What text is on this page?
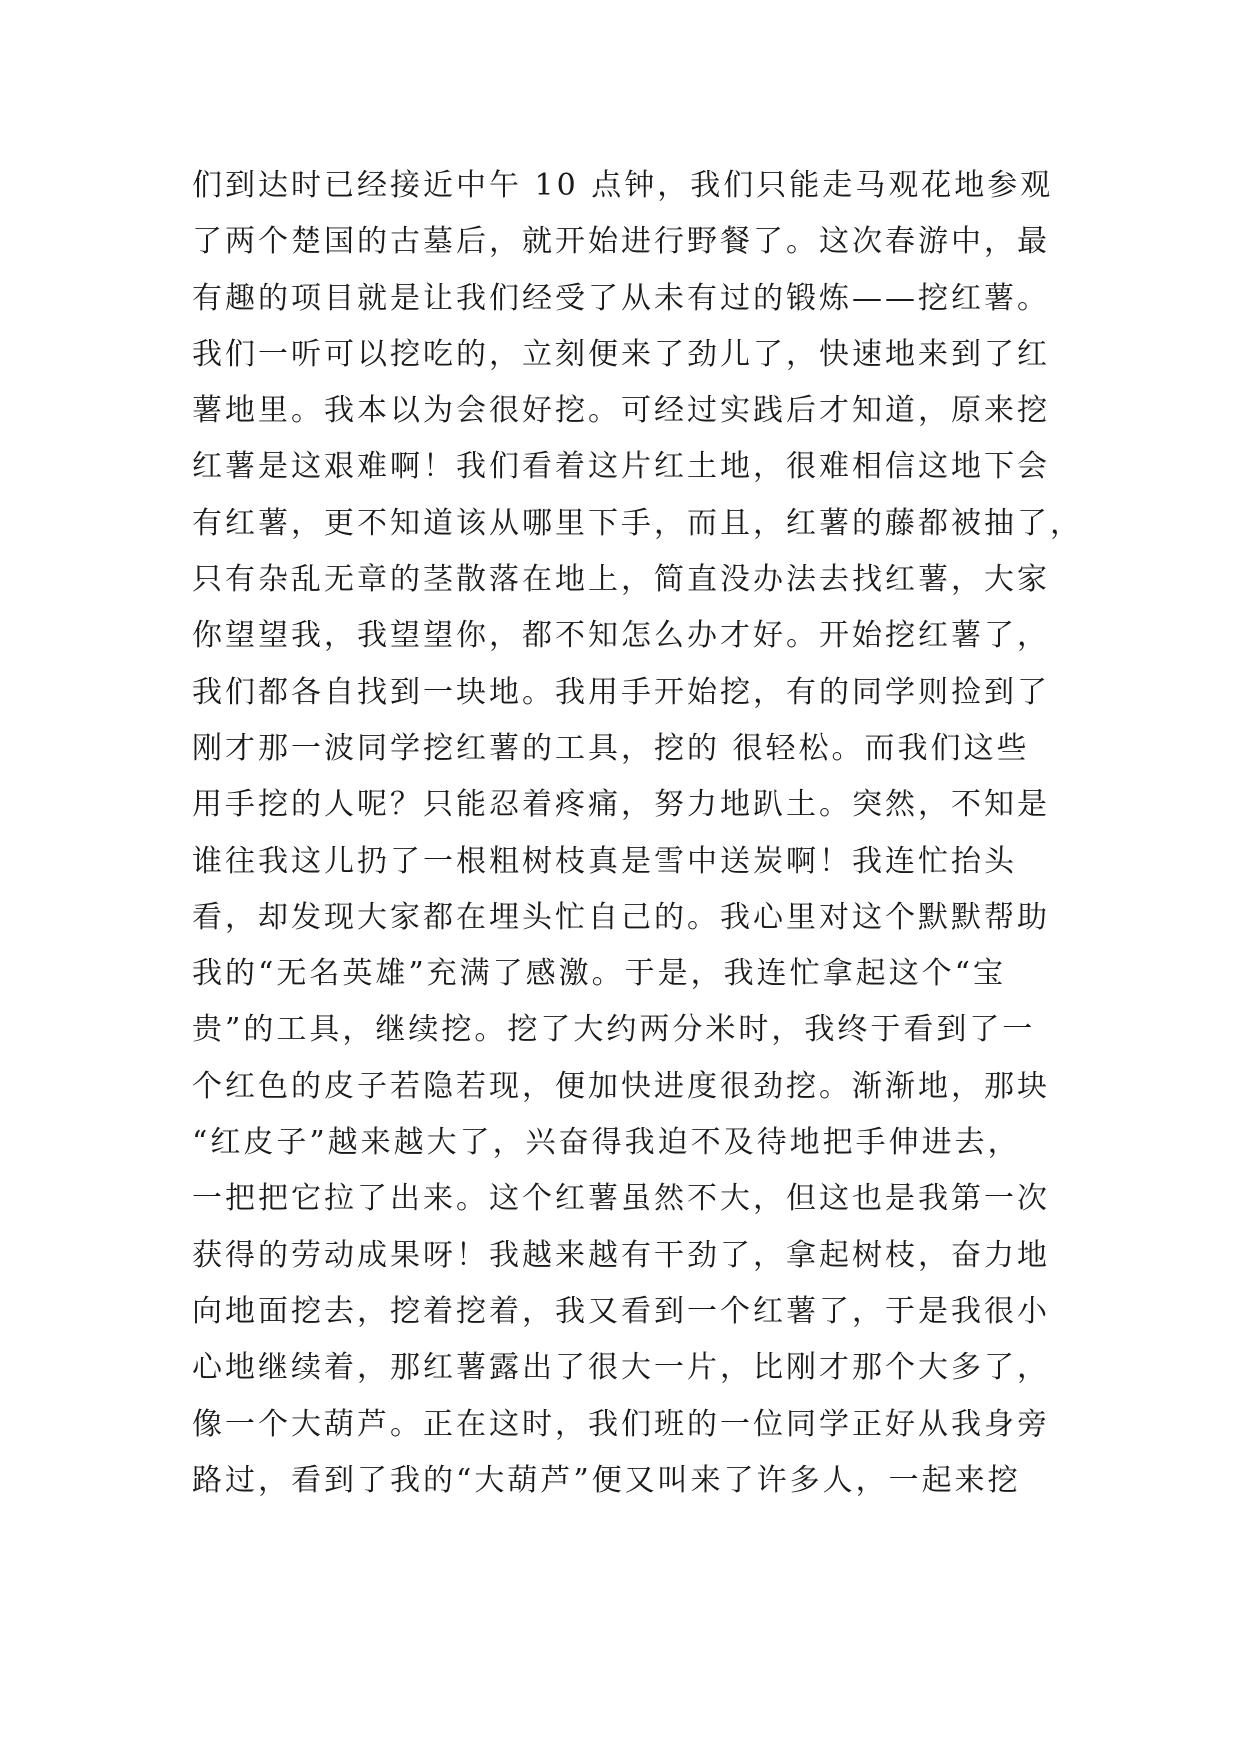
们到达时已经接近中午 10 点钟，我们只能走马观花地参观
了两个楚国的古墓后，就开始进行野餐了。这次春游中，最
有趣的项目就是让我们经受了从未有过的锻炼——挖红薯。
我们一听可以挖吃的，立刻便来了劲儿了，快速地来到了红
薯地里。我本以为会很好挖。可经过实践后才知道，原来挖
红薯是这艰难啊！我们看着这片红土地，很难相信这地下会
有红薯，更不知道该从哪里下手，而且，红薯的藤都被抽了，
只有杂乱无章的茎散落在地上，简直没办法去找红薯，大家
你望望我，我望望你，都不知怎么办才好。开始挖红薯了，
我们都各自找到一块地。我用手开始挖，有的同学则捡到了
刚才那一波同学挖红薯的工具，挖的 很轻松。而我们这些
用手挖的人呢？只能忍着疼痛，努力地趴土。突然，不知是
谁往我这儿扔了一根粗树枝真是雪中送炭啊！我连忙抬头
看，却发现大家都在埋头忙自己的。我心里对这个默默帮助
我的“无名英雄”充满了感激。于是，我连忙拿起这个“宝
贵”的工具，继续挖。挖了大约两分米时，我终于看到了一
个红色的皮子若隐若现，便加快进度很劲挖。渐渐地，那块
“红皮子”越来越大了，兴奋得我迫不及待地把手伸进去，
一把把它拉了出来。这个红薯虽然不大，但这也是我第一次
获得的劳动成果呀！我越来越有干劲了，拿起树枝，奋力地
向地面挖去，挖着挖着，我又看到一个红薯了，于是我很小
心地继续着，那红薯露出了很大一片，比刚才那个大多了，
像一个大葫芦。正在这时，我们班的一位同学正好从我身旁
路过，看到了我的“大葫芦”便又叫来了许多人，一起来挖
